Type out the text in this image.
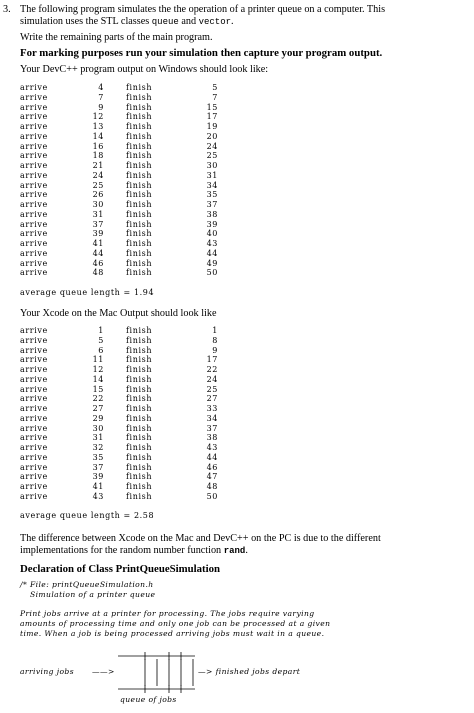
3. The following program simulates the the operation of a printer queue on a computer. This
simulation uses the STL classes queue and vector.
Write the remaining parts of the main program.
For marking purposes run your simulation then capture your program output.
Your DevC++ program output on Windows should look like:
arrive	4	finish	5
arrive	7	finish	7
arrive	9	finish	15
arrive	12	finish	17
arrive	13	finish	19
arrive	14	finish	20
arrive	16	finish	24
arrive	18	finish	25
arrive	21	finish	30
arrive	24	finish	31
arrive	25	finish	34
arrive	26	finish	35
arrive	30	finish	37
arrive	31	finish	38
arrive	37	finish	39
arrive	39	finish	40
arrive	41	finish	43
arrive	44	finish	44
arrive	46	finish	49
arrive	48	finish	50
average queue length = 1.94
Your Xcode on the Mac Output should look like
arrive	1	finish	1
arrive	5	finish	8
arrive	6	finish	9
arrive	11	finish	17
arrive	12	finish	22
arrive	14	finish	24
arrive	15	finish	25
arrive	22	finish	27
arrive	27	finish	33
arrive	29	finish	34
arrive	30	finish	37
arrive	31	finish	38
arrive	32	finish	43
arrive	35	finish	44
arrive	37	finish	46
arrive	39	finish	47
arrive	41	finish	48
arrive	43	finish	50
average queue length = 2.58
The difference between Xcode on the Mac and DevC++ on the PC is due to the different
implementations for the random number function rand.
Declaration of Class PrintQueueSimulation
/* File: printQueueSimulation.h
Simulation of a printer queue
Print jobs arrive at a printer for processing. The jobs require varying
amounts of processing time and only one job can be processed at a given
time. When a job is being processed arriving jobs must wait in a queue.
arriving jobs ——>	—> finished jobs depart
queue of jobs
